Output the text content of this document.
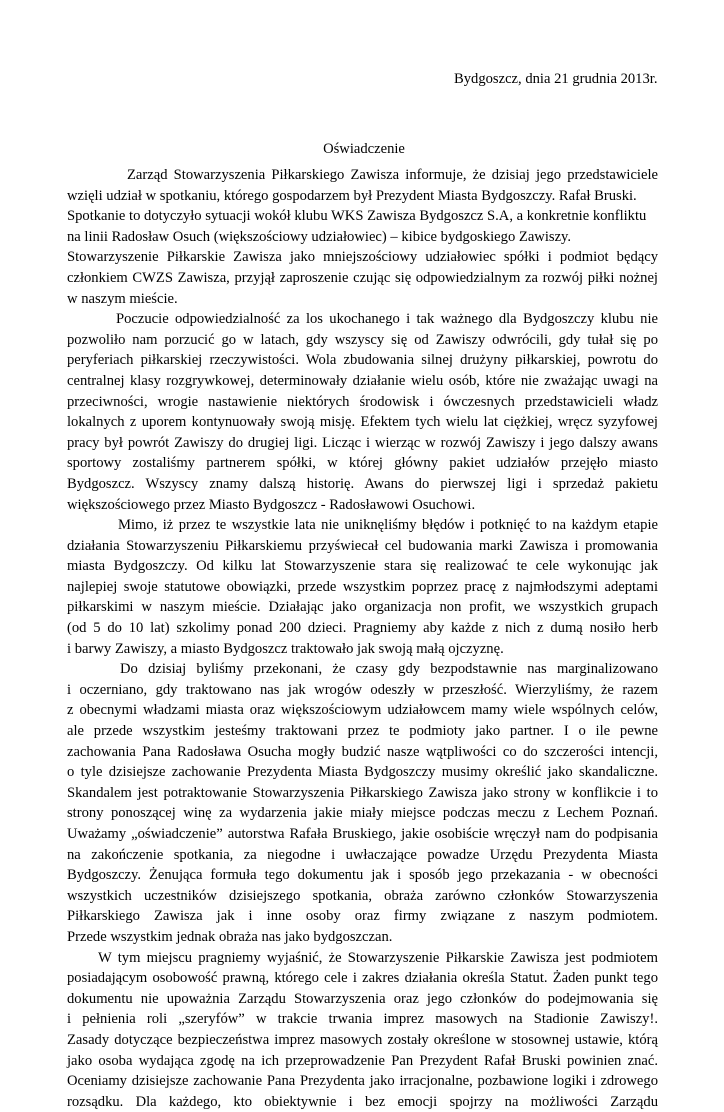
Bydgoszcz, dnia 21 grudnia 2013r.
Oświadczenie
Zarząd Stowarzyszenia Piłkarskiego Zawisza informuje, że dzisiaj jego przedstawiciele
wzięli udział w spotkaniu, którego gospodarzem był Prezydent Miasta Bydgoszczy. Rafał Bruski.
Spotkanie to dotyczyło sytuacji wokół klubu WKS Zawisza Bydgoszcz S.A, a konkretnie konfliktu
na linii Radosław Osuch (większościowy udziałowiec) – kibice bydgoskiego Zawiszy.
Stowarzyszenie Piłkarskie Zawisza jako mniejszościowy udziałowiec spółki i podmiot będący
członkiem CWZS Zawisza, przyjął zaproszenie czując się odpowiedzialnym za rozwój piłki nożnej
w naszym mieście.
Poczucie odpowiedzialność za los ukochanego i tak ważnego dla Bydgoszczy klubu nie
pozwoliło nam porzucić go w latach, gdy wszyscy się od Zawiszy odwrócili, gdy tułał się po
peryferiach piłkarskiej rzeczywistości. Wola zbudowania silnej drużyny piłkarskiej, powrotu do
centralnej klasy rozgrywkowej, determinowały działanie wielu osób, które nie zważając uwagi na
przeciwności, wrogie nastawienie niektórych środowisk i ówczesnych przedstawicieli władz
lokalnych z uporem kontynuowały swoją misję. Efektem tych wielu lat ciężkiej, wręcz syzyfowej
pracy był powrót Zawiszy do drugiej ligi. Licząc i wierząc w rozwój Zawiszy i jego dalszy awans
sportowy zostaliśmy partnerem spółki, w której główny pakiet udziałów przejęło miasto
Bydgoszcz. Wszyscy znamy dalszą historię. Awans do pierwszej ligi i sprzedaż pakietu
większościowego przez Miasto Bydgoszcz - Radosławowi Osuchowi.
Mimo, iż przez te wszystkie lata nie uniknęliśmy błędów i potknięć to na każdym etapie
działania Stowarzyszeniu Piłkarskiemu przyświecał cel budowania marki Zawisza i promowania
miasta Bydgoszczy. Od kilku lat Stowarzyszenie stara się realizować te cele wykonując jak
najlepiej swoje statutowe obowiązki, przede wszystkim poprzez pracę z najmłodszymi adeptami
piłkarskimi w naszym mieście. Działając jako organizacja non profit, we wszystkich grupach
(od 5 do 10 lat) szkolimy ponad 200 dzieci. Pragniemy aby każde z nich z dumą nosiło herb
i barwy Zawiszy, a miasto Bydgoszcz traktowało jak swoją małą ojczyznę.
Do dzisiaj byliśmy przekonani, że czasy gdy bezpodstawnie nas marginalizowano
i oczerniano, gdy traktowano nas jak wrogów odeszły w przeszłość. Wierzyliśmy, że razem
z obecnymi władzami miasta oraz większościowym udziałowcem mamy wiele wspólnych celów,
ale przede wszystkim jesteśmy traktowani przez te podmioty jako partner. I o ile pewne
zachowania Pana Radosława Osucha mogły budzić nasze wątpliwości co do szczerości intencji,
o tyle dzisiejsze zachowanie Prezydenta Miasta Bydgoszczy musimy określić jako skandaliczne.
Skandalem jest potraktowanie Stowarzyszenia Piłkarskiego Zawisza jako strony w konflikcie i to
strony ponoszącej winę za wydarzenia jakie miały miejsce podczas meczu z Lechem Poznań.
Uważamy „oświadczenie” autorstwa Rafała Bruskiego, jakie osobiście wręczył nam do podpisania
na zakończenie spotkania, za niegodne i uwłaczające powadze Urzędu Prezydenta Miasta
Bydgoszczy. Żenująca formuła tego dokumentu jak i sposób jego przekazania - w obecności
wszystkich uczestników dzisiejszego spotkania, obraża zarówno członków Stowarzyszenia
Piłkarskiego Zawisza jak i inne osoby oraz firmy związane z naszym podmiotem.
Przede wszystkim jednak obraża nas jako bydgoszczan.
W tym miejscu pragniemy wyjaśnić, że Stowarzyszenie Piłkarskie Zawisza jest podmiotem
posiadającym osobowość prawną, którego cele i zakres działania określa Statut. Żaden punkt tego
dokumentu nie upoważnia Zarządu Stowarzyszenia oraz jego członków do podejmowania się
i pełnienia roli „szeryfów” w trakcie trwania imprez masowych na Stadionie Zawiszy!.
Zasady dotyczące bezpieczeństwa imprez masowych zostały określone w stosownej ustawie, którą
jako osoba wydająca zgodę na ich przeprowadzenie Pan Prezydent Rafał Bruski powinien znać.
Oceniamy dzisiejsze zachowanie Pana Prezydenta jako irracjonalne, pozbawione logiki i zdrowego
rozsądku. Dla każdego, kto obiektywnie i bez emocji spojrzy na możliwości Zarządu
